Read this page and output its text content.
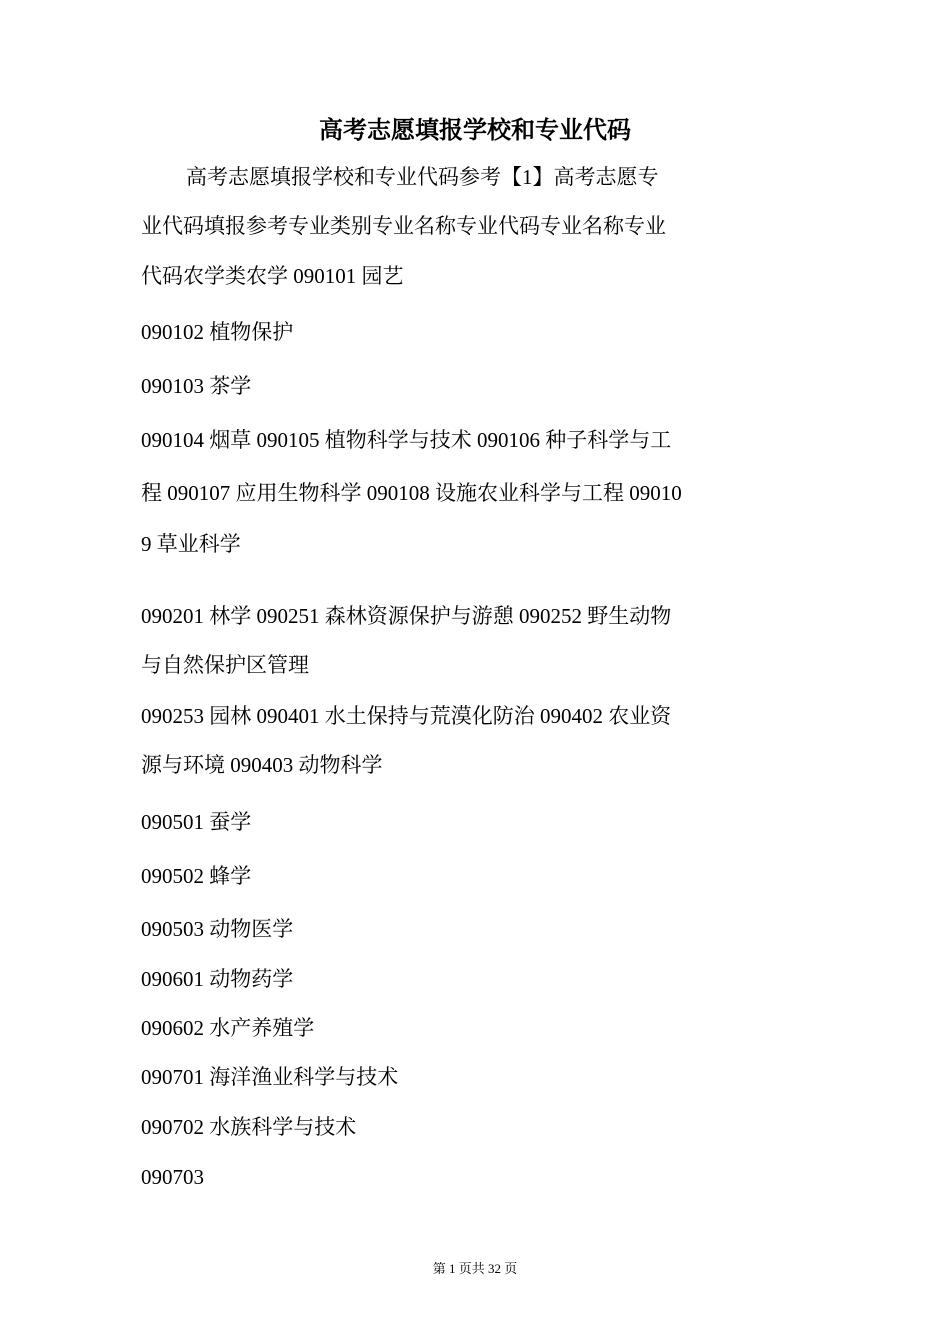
高考志愿填报学校和专业代码
高考志愿填报学校和专业代码参考【1】高考志愿专
业代码填报参考专业类别专业名称专业代码专业名称专业
代码农学类农学 090101 园艺
090102 植物保护
090103 茶学
090104 烟草 090105 植物科学与技术 090106 种子科学与工
程 090107 应用生物科学 090108 设施农业科学与工程 09010
9 草业科学
090201 林学 090251 森林资源保护与游憩 090252 野生动物
与自然保护区管理
090253 园林 090401 水土保持与荒漠化防治 090402 农业资
源与环境 090403 动物科学
090501 蚕学
090502 蜂学
090503 动物医学
090601 动物药学
090602 水产养殖学
090701 海洋渔业科学与技术
090702 水族科学与技术
090703
第 1 页共 32 页
